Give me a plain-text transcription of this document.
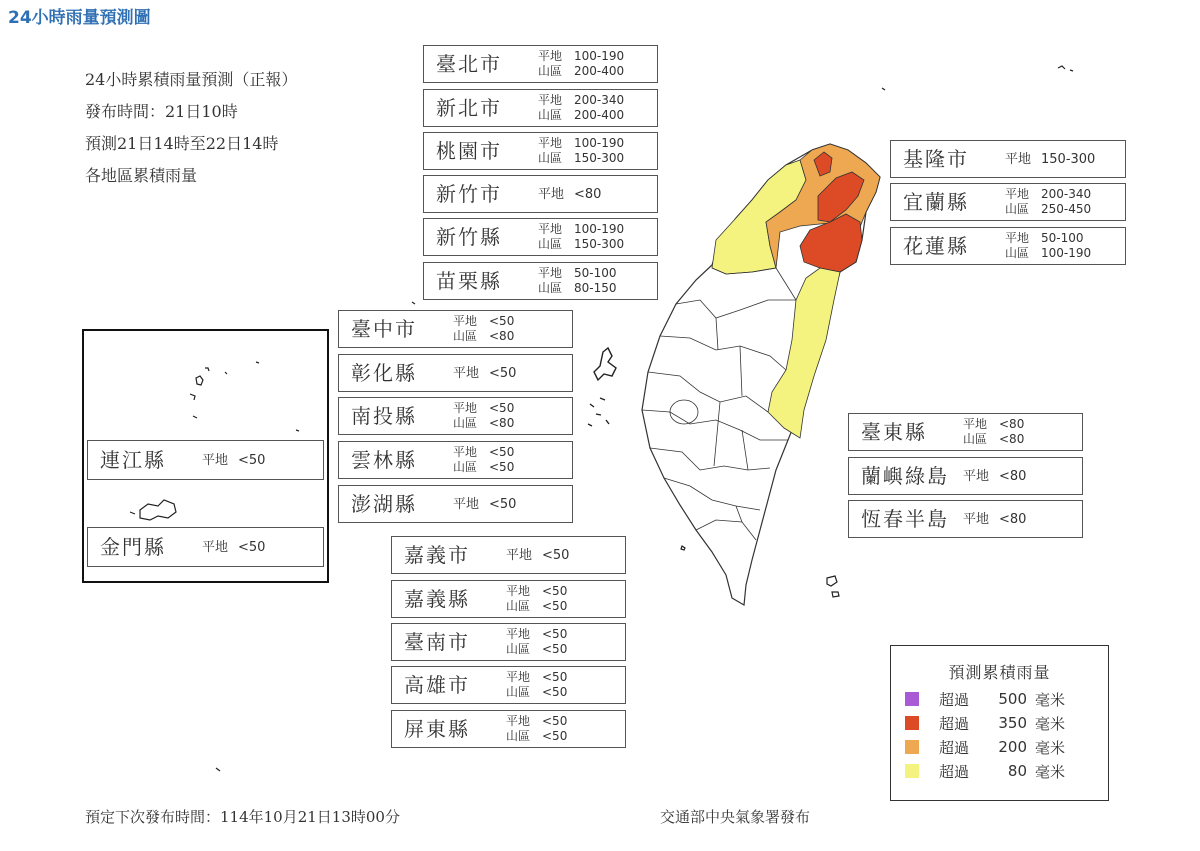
24小時雨量預測圖
24小時累積雨量預測（正報）
發布時間：21日10時
預測21日14時至22日14時
各地區累積雨量
臺北市	平地 100-190
山區 200-400
新北市	平地 200-340
山區 200-400
桃園市	平地 100-190
山區 150-300
新竹市	平地 <80
新竹縣	平地 100-190
山區 150-300
苗栗縣	平地 50-100
山區 80-150
臺中市	平地 <50
山區 <80
彰化縣	平地 <50
南投縣	平地 <50
山區 <80
雲林縣	平地 <50
山區 <50
澎湖縣	平地 <50
嘉義市	平地 <50
嘉義縣	平地 <50
山區 <50
臺南市	平地 <50
山區 <50
高雄市	平地 <50
山區 <50
屏東縣	平地 <50
山區 <50
基隆市	平地 150-300
宜蘭縣	平地 200-340
山區 250-450
花蓮縣	平地 50-100
山區 100-190
臺東縣	平地 <80
山區 <80
蘭嶼綠島 平地 <80
恆春半島 平地 <80
連江縣	平地 <50
金門縣	平地 <50
預測累積雨量
超過	500 毫米
超過	350 毫米
超過	200 毫米
超過	80 毫米
預定下次發布時間：114年10月21日13時00分	交通部中央氣象署發布
